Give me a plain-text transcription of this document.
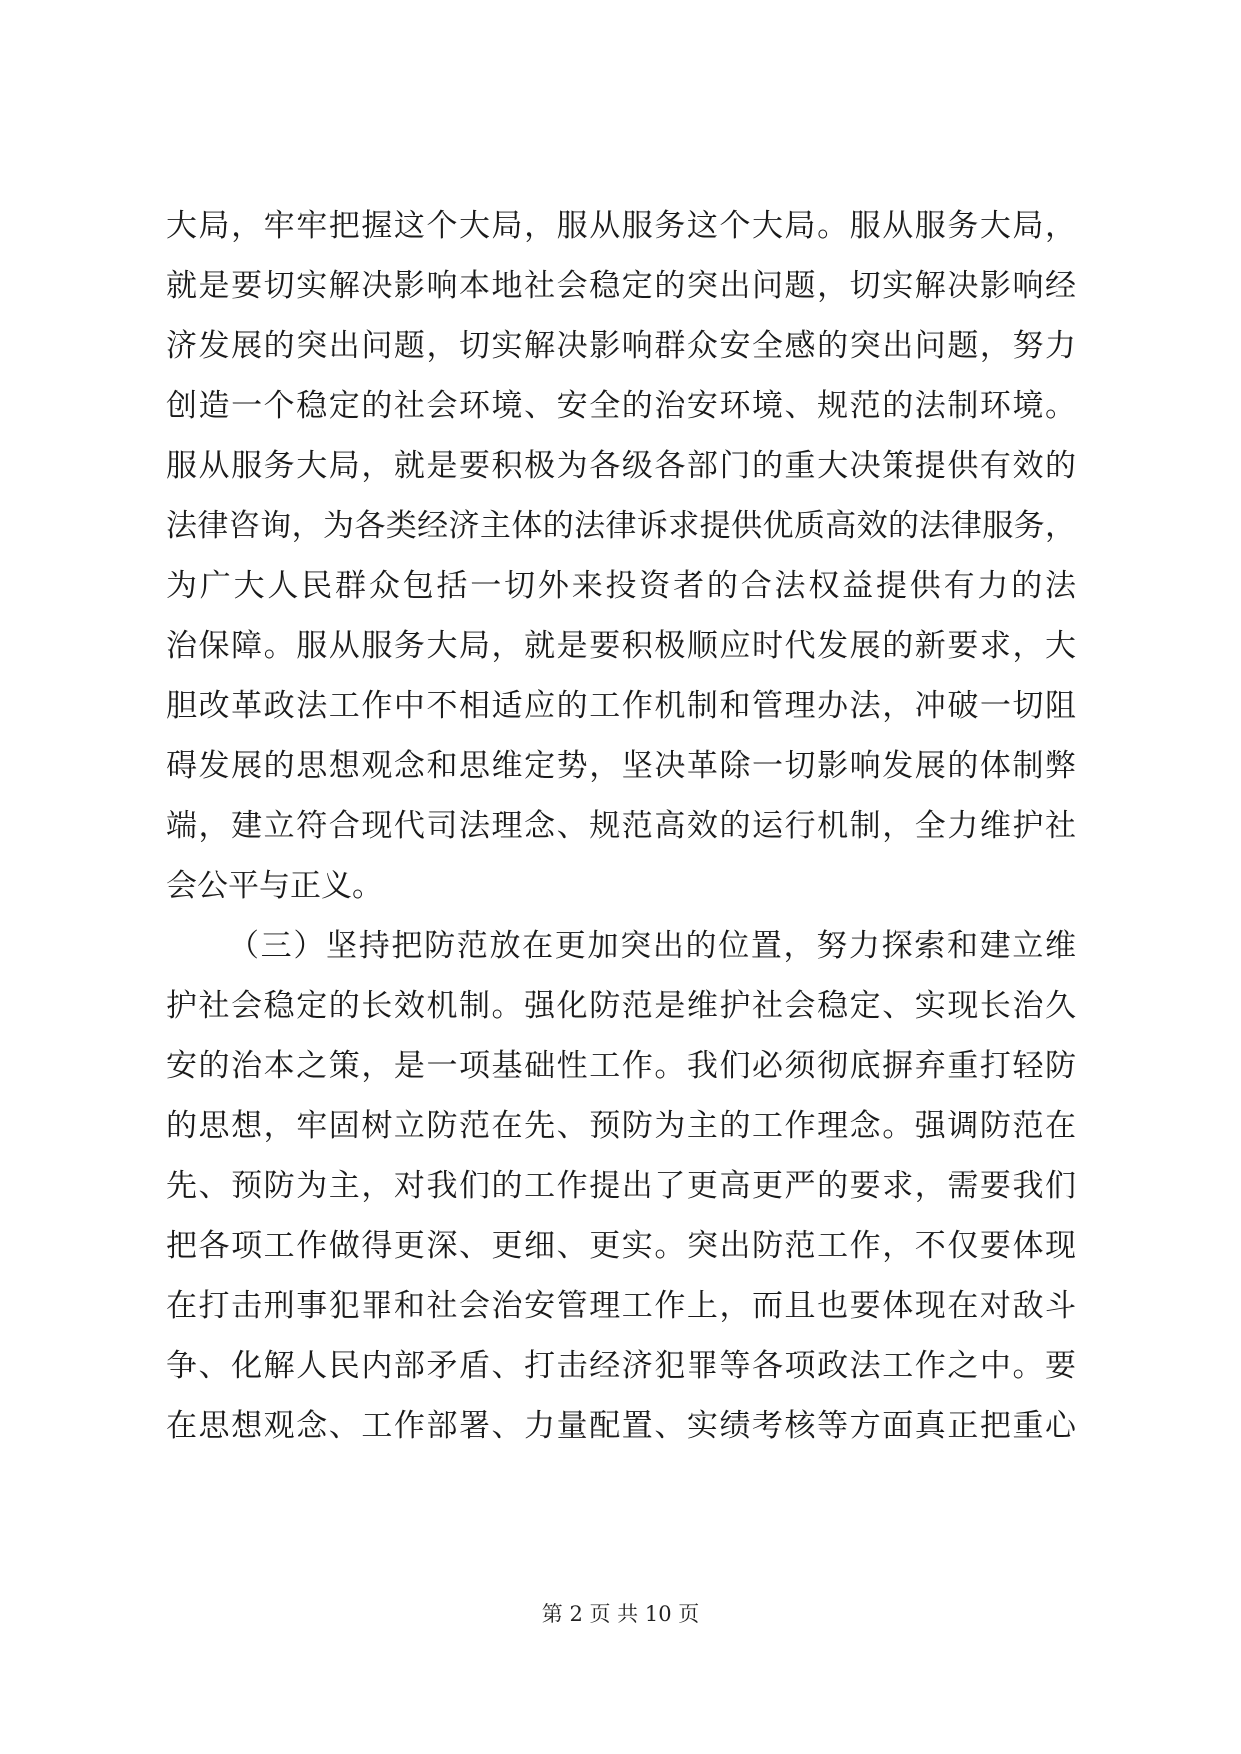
大局，牢牢把握这个大局，服从服务这个大局。服从服务大局，
就是要切实解决影响本地社会稳定的突出问题，切实解决影响经
济发展的突出问题，切实解决影响群众安全感的突出问题，努力
创造一个稳定的社会环境、安全的治安环境、规范的法制环境。
服从服务大局，就是要积极为各级各部门的重大决策提供有效的
法律咨询，为各类经济主体的法律诉求提供优质高效的法律服务，
为广大人民群众包括一切外来投资者的合法权益提供有力的法
治保障。服从服务大局，就是要积极顺应时代发展的新要求，大
胆改革政法工作中不相适应的工作机制和管理办法，冲破一切阻
碍发展的思想观念和思维定势，坚决革除一切影响发展的体制弊
端，建立符合现代司法理念、规范高效的运行机制，全力维护社
会公平与正义。
（三）坚持把防范放在更加突出的位置，努力探索和建立维
护社会稳定的长效机制。强化防范是维护社会稳定、实现长治久
安的治本之策，是一项基础性工作。我们必须彻底摒弃重打轻防
的思想，牢固树立防范在先、预防为主的工作理念。强调防范在
先、预防为主，对我们的工作提出了更高更严的要求，需要我们
把各项工作做得更深、更细、更实。突出防范工作，不仅要体现
在打击刑事犯罪和社会治安管理工作上，而且也要体现在对敌斗
争、化解人民内部矛盾、打击经济犯罪等各项政法工作之中。要
在思想观念、工作部署、力量配置、实绩考核等方面真正把重心
第 2 页 共 10 页
